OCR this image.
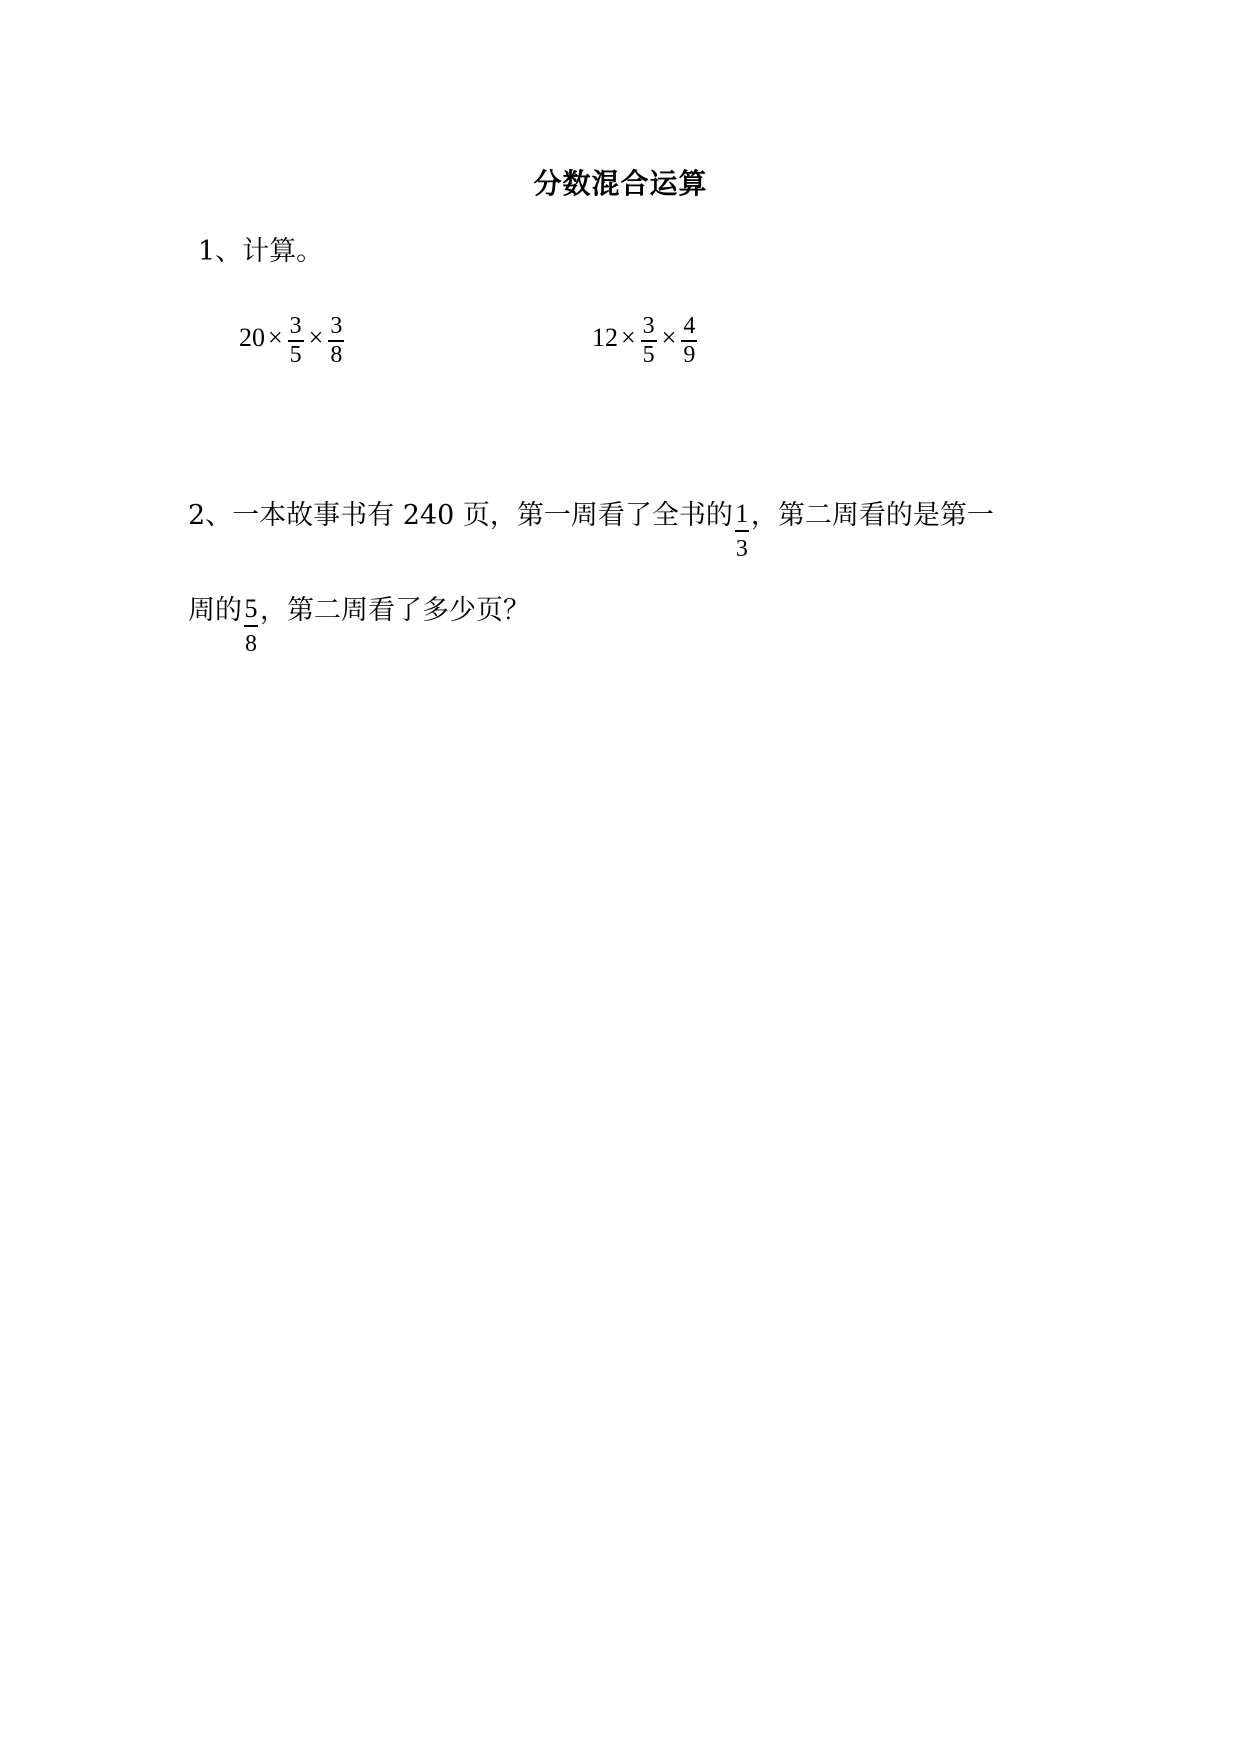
分数混合运算
1、计算。
$20 \times \frac{3}{5} \times \frac{3}{8}$	$12 \times \frac{3}{5} \times \frac{4}{9}$
2、一本故事书有 240 页，第一周看了全书的 $\frac{1}{3}$ ，第二周看的是第一
周的 $\frac{5}{8}$ ，第二周看了多少页？
